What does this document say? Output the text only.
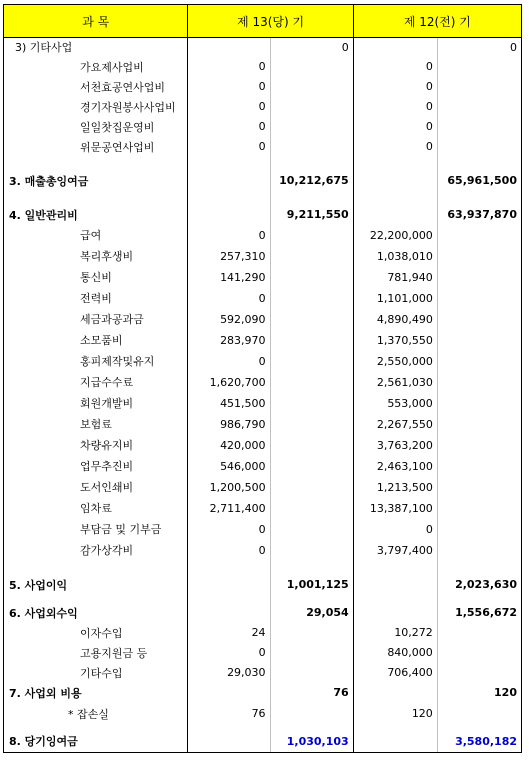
과 목	제 13(당) 기		제 12(전) 기	
3) 기타사업		0		0
가요제사업비	0		0	
서천효공연사업비	0		0	
경기자원봉사사업비	0		0	
일일찻집운영비	0		0	
위문공연사업비	0		0	

3. 매출총잉여금		10,212,675		65,961,500

4. 일반관리비		9,211,550		63,937,870
급여	0		22,200,000	
복리후생비	257,310		1,038,010	
통신비	141,290		781,940	
전력비	0		1,101,000	
세금과공과금	592,090		4,890,490	
소모품비	283,970		1,370,550	
홍피제작및유지	0		2,550,000	
지급수수료	1,620,700		2,561,030	
회원개발비	451,500		553,000	
보험료	986,790		2,267,550	
차량유지비	420,000		3,763,200	
업무추진비	546,000		2,463,100	
도서인쇄비	1,200,500		1,213,500	
임차료	2,711,400		13,387,100	
부담금 및 기부금	0		0	
감가상각비	0		3,797,400	

5. 사업이익		1,001,125		2,023,630

6. 사업외수익		29,054		1,556,672
이자수입	24		10,272	
고용지원금 등	0		840,000	
기타수입	29,030		706,400	
7. 사업외 비용		76		120
* 잡손실	76		120	

8. 당기잉여금		1,030,103		3,580,182
